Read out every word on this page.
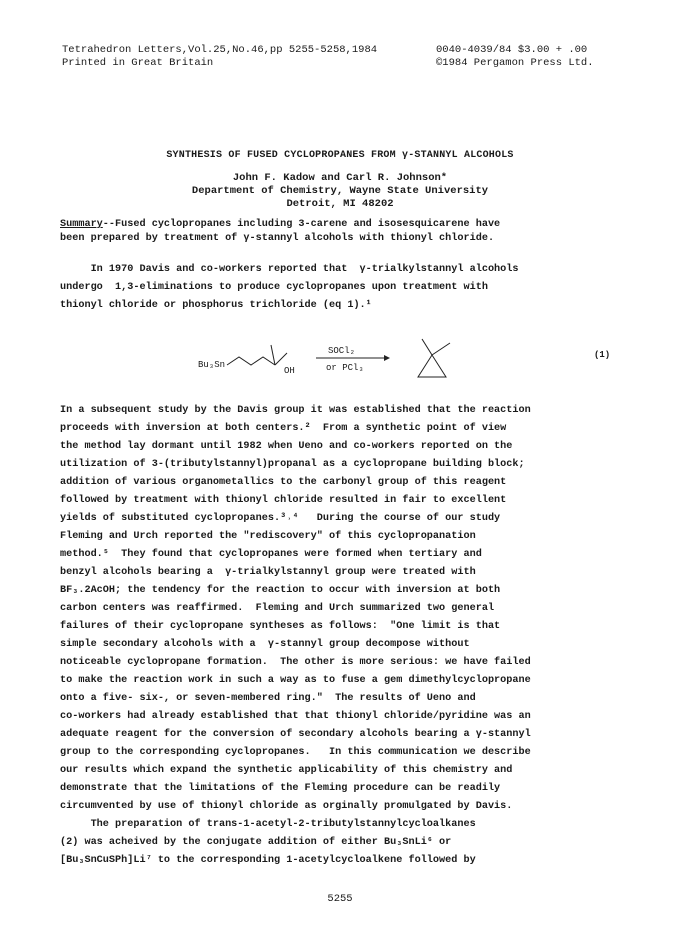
Tetrahedron Letters,Vol.25,No.46,pp 5255-5258,1984
Printed in Great Britain
0040-4039/84 $3.00 + .00
©1984 Pergamon Press Ltd.
SYNTHESIS OF FUSED CYCLOPROPANES FROM γ-STANNYL ALCOHOLS
John F. Kadow and Carl R. Johnson*
Department of Chemistry, Wayne State University
Detroit, MI 48202
Summary--Fused cyclopropanes including 3-carene and isosesquicarene have
been prepared by treatment of γ-stannyl alcohols with thionyl chloride.
In 1970 Davis and co-workers reported that  γ-trialkylstannyl alcohols
undergo  1,3-eliminations to produce cyclopropanes upon treatment with
thionyl chloride or phosphorus trichloride (eq 1).¹
Bu₃Sn
OH
SOCl₂
or PCl₃
(1)
In a subsequent study by the Davis group it was established that the reaction
proceeds with inversion at both centers.²  From a synthetic point of view
the method lay dormant until 1982 when Ueno and co-workers reported on the
utilization of 3-(tributylstannyl)propanal as a cyclopropane building block;
addition of various organometallics to the carbonyl group of this reagent
followed by treatment with thionyl chloride resulted in fair to excellent
yields of substituted cyclopropanes.³˒⁴   During the course of our study
Fleming and Urch reported the "rediscovery" of this cyclopropanation
method.⁵  They found that cyclopropanes were formed when tertiary and
benzyl alcohols bearing a  γ-trialkylstannyl group were treated with
BF₃.2AcOH; the tendency for the reaction to occur with inversion at both
carbon centers was reaffirmed.  Fleming and Urch summarized two general
failures of their cyclopropane syntheses as follows:  "One limit is that
simple secondary alcohols with a  γ-stannyl group decompose without
noticeable cyclopropane formation.  The other is more serious: we have failed
to make the reaction work in such a way as to fuse a gem dimethylcyclopropane
onto a five- six-, or seven-membered ring."  The results of Ueno and
co-workers had already established that that thionyl chloride/pyridine was an
adequate reagent for the conversion of secondary alcohols bearing a γ-stannyl
group to the corresponding cyclopropanes.   In this communication we describe
our results which expand the synthetic applicability of this chemistry and
demonstrate that the limitations of the Fleming procedure can be readily
circumvented by use of thionyl chloride as orginally promulgated by Davis.
The preparation of trans-1-acetyl-2-tributylstannylcycloalkanes
(2) was acheived by the conjugate addition of either Bu₃SnLi⁶ or
[Bu₃SnCuSPh]Li⁷ to the corresponding 1-acetylcycloalkene followed by
5255
